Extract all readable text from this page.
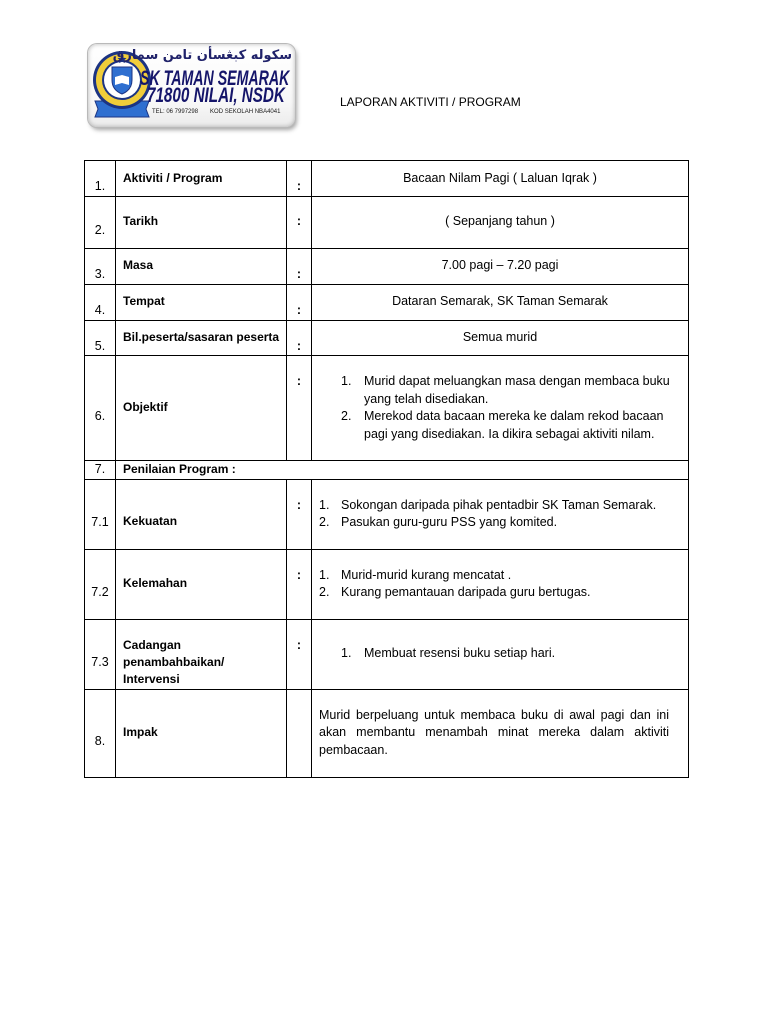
سکوله کبڠسأن تامن سمارق
SK TAMAN SEMARAK
71800 NILAI, NSDK
TEL: 06 7997298 KOD SEKOLAH NBA4041
LAPORAN AKTIVITI / PROGRAM
1.	Aktiviti / Program	:	Bacaan Nilam Pagi ( Laluan Iqrak )
2.	Tarikh	:	( Sepanjang tahun )
3.	Masa	:	7.00 pagi – 7.20 pagi
4.	Tempat	:	Dataran Semarak, SK Taman Semarak
5.	Bil.peserta/sasaran peserta	:	Semua murid
6.	Objektif	:	1. Murid dapat meluangkan masa dengan membaca buku yang telah disediakan.
2. Merekod data bacaan mereka ke dalam rekod bacaan pagi yang disediakan. Ia dikira sebagai aktiviti nilam.

7.	Penilaian Program :		
7.1	Kekuatan	:	1. Sokongan daripada pihak pentadbir SK Taman Semarak.
2. Pasukan guru-guru PSS yang komited.

7.2	Kelemahan	:	1. Murid-murid kurang mencatat .
2. Kurang pemantauan daripada guru bertugas.

7.3	Cadangan penambahbaikan/ Intervensi	:	1. Membuat resensi buku setiap hari.

8.	Impak		Murid berpeluang untuk membaca buku di awal pagi dan ini akan membantu menambah minat mereka dalam aktiviti pembacaan.
